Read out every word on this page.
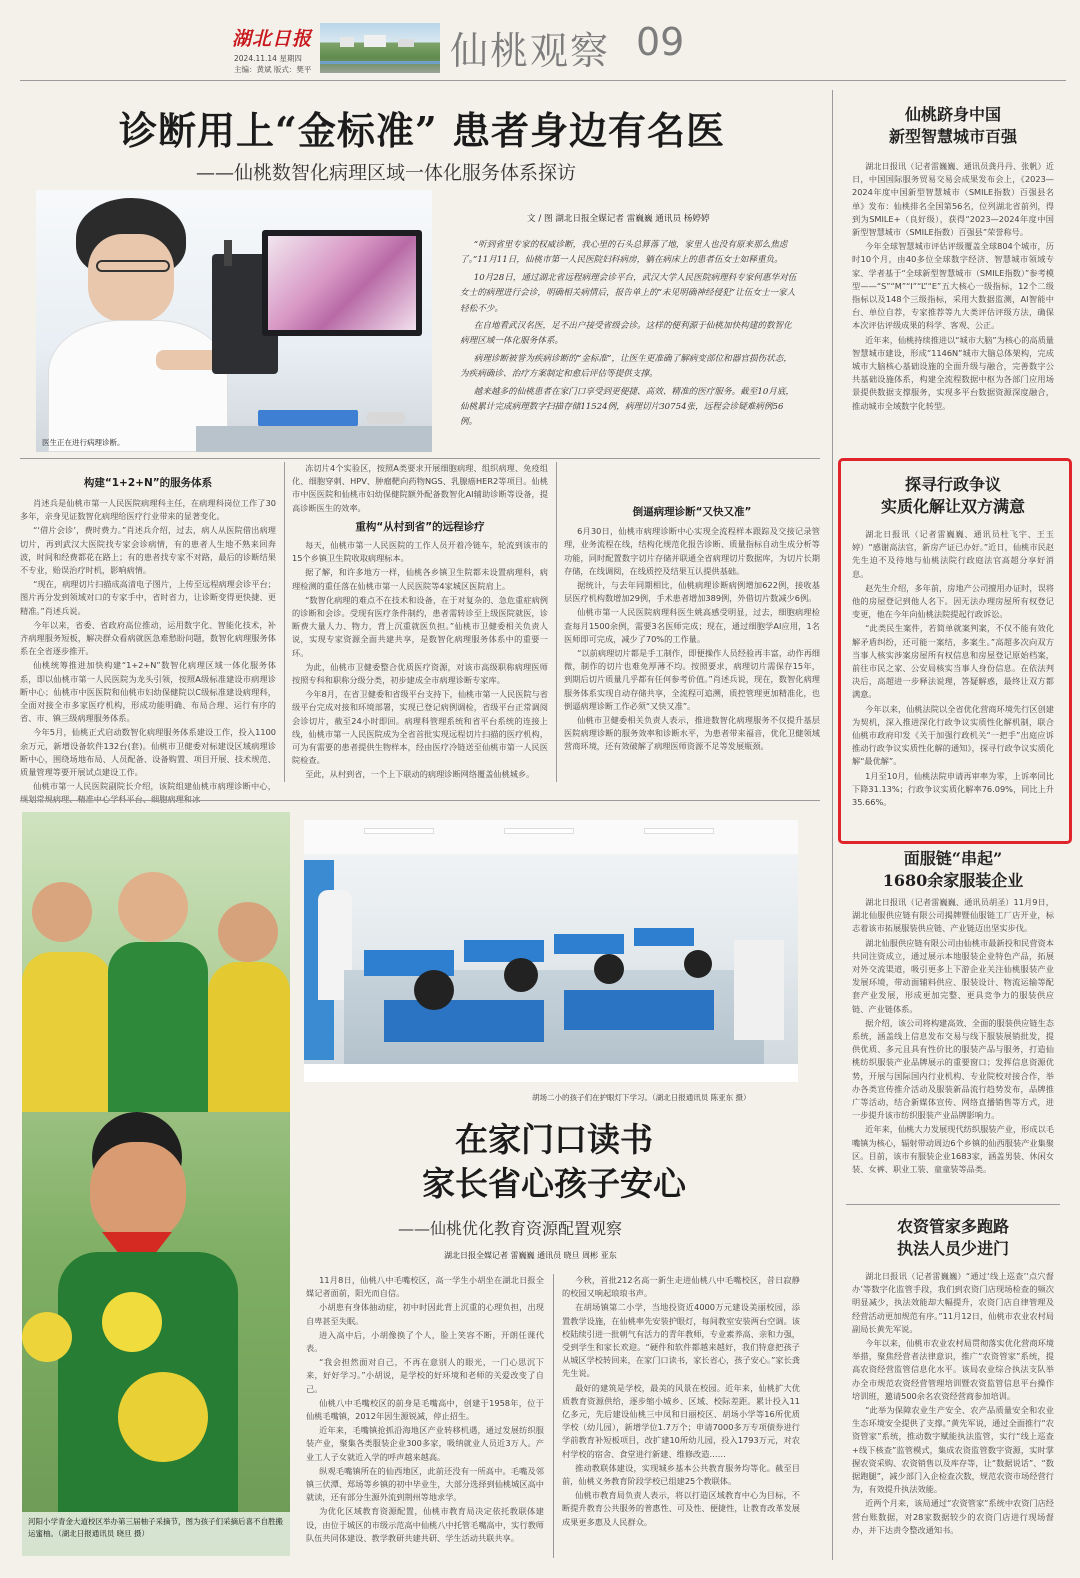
湖北日报
2024.11.14 星期四
主编：黄斌 版式：樊平	仙桃观察 09
诊断用上“金标准” 患者身边有名医
——仙桃数智化病理区域一体化服务体系探访
医生正在进行病理诊断。
文 / 图 湖北日报全媒记者 雷巍巍 通讯员 杨婷婷

“听到省里专家的权威诊断，我心里的石头总算落了地，家里人也没有原来那么焦虑了。”11月11日，仙桃市第一人民医院妇科病房，躺在病床上的患者伍女士如释重负。

10月28日，通过湖北省远程病理会诊平台，武汉大学人民医院病理科专家何惠华对伍女士的病理进行会诊，明确相关病情后，报告单上的“未见明确神经侵犯”让伍女士一家人轻松不少。

在自地看武汉名医，足不出户接受省级会诊。这样的便利源于仙桃加快构建的数智化病理区域一体化服务体系。

病理诊断被誉为疾病诊断的“金标准”，让医生更准确了解病变部位和器官损伤状态，为疾病确诊、治疗方案制定和愈后评估等提供支撑。

越来越多的仙桃患者在家门口享受到更便捷、高效、精准的医疗服务。截至10月底，仙桃累计完成病理数字扫描存储11524例，病理切片30754张，远程会诊疑难病例56例。

构建“1+2+N”的服务体系

肖述兵是仙桃市第一人民医院病理科主任，在病理科岗位工作了30多年，亲身见证数智化病理给医疗行业带来的显著变化。

“‘借片会诊’，费时费力。”肖述兵介绍，过去，病人从医院借出病理切片，再到武汉大医院找专家会诊病情，有的患者人生地不熟来回奔波，时间和经费都花在路上；有的患者找专家不对路，最后的诊断结果不专业，贻误治疗时机，影响病情。

“现在，病理切片扫描成高清电子图片，上传至远程病理会诊平台；图片再分发到领域对口的专家手中，省时省力，让诊断变得更快捷、更精准。”肖述兵说。

今年以来，省委、省政府高位推动，运用数字化、智能化技术，补齐病理服务短板，解决群众看病就医急难愁盼问题，数智化病理服务体系在全省逐步推开。

仙桃统筹推进加快构建“1+2+N”数智化病理区域一体化服务体系，即以仙桃市第一人民医院为龙头引领，按照A级标准建设市病理诊断中心；仙桃市中医医院和仙桃市妇幼保健院以C级标准建设病理科，全面对接全市多家医疗机构，形成功能明确、布局合理、运行有序的省、市、镇三级病理服务体系。

今年5月，仙桃正式启动数智化病理服务体系建设工作，投入1100余万元，新增设备软件132台(套)。仙桃市卫健委对标建设区域病理诊断中心，围绕场地布局、人员配备、设备购置、项目开展、技术规范、质量管理等要开展试点建设工作。

仙桃市第一人民医院副院长介绍，该院组建仙桃市病理诊断中心，

冻切片4个实验区，按照A类要求开展细胞病理、组织病理、免疫组化、细胞穿刺、HPV、肿瘤靶向药物NGS、乳腺癌HER2等项目。仙桃市中医医院和仙桃市妇幼保健院额外配备数智化AI辅助诊断等设备，提高诊断医生的效率。

重构“从村到省”的远程诊疗

每天，仙桃市第一人民医院的工作人员开着冷链车，轮流到该市的15个乡镇卫生院收取病理标本。

据了解，和许多地方一样，仙桃各乡镇卫生院都未设置病理科，病理检测的重任落在仙桃市第一人民医院等4家城区医院肩上。

“数智化病理的难点不在技术和设备，在于对复杂的、急危重症病例的诊断和会诊。受现有医疗条件制约，患者需转诊至上级医院就医，诊断费大量人力、物力，背上沉重就医负担。”仙桃市卫健委相关负责人说，实现专家资源全面共建共享，是数智化病理服务体系中的重要一环。

为此，仙桃市卫健委整合优质医疗资源，对该市高级职称病理医师按照专科和职称分级分类，初步建成全市病理诊断专家库。

今年8月，在省卫健委和省级平台支持下，仙桃市第一人民医院与省级平台完成对接和环境部署，实现已登记病例调检，省级平台正常调阅会诊切片，截至24小时即回。病理科管理系统和省平台系统的连接上线，仙桃市第一人民医院成为全省首批实现远程切片扫描的医疗机构，可为有需要的患者提供生物样本，经由医疗冷链送至仙桃市第一人民医院检查。

至此，从村到省，一个上下联动的病理诊断网络覆盖仙桃城乡。

倒逼病理诊断“又快又准”

6月30日，仙桃市病理诊断中心实现全流程样本跟踪及交接记录管理，业务流程在线，结构化规范化报告诊断、质量指标自动生成分析等功能，同时配置数字切片存储并联通全省病理切片数据库，为切片长期存储，在线调阅，在线质控及结果互认提供基础。

据统计，与去年同期相比，仙桃病理诊断病例增加622例，接收基层医疗机构数增加29例，手术患者增加389例，外借切片数减少6例。

仙桃市第一人民医院病理科医生姚高感受明显，过去，细胞病理检查每月1500余例，需要3名医师完成；现在，通过细胞学AI应用，1名医师即可完成，减少了70%的工作量。

“以前病理切片都是手工制作，即便操作人员经验再丰富，动作再细微，制作的切片也难免厚薄不均。按照要求，病理切片需保存15年，到期后切片质量几乎都有任何参考价值。”肖述兵说，现在，数智化病理服务体系实现自动存储共享，全流程可追溯，质控管理更加精准化，也倒逼病理诊断工作必须“又快又准”。

仙桃市卫健委相关负责人表示，推进数智化病理服务不仅提升基层医院病理诊断的服务效率和诊断水平，为患者带来福音，优化卫健领域营商环境，还有效破解了病理医师资源不足等发展瓶颈。

仙桃跻身中国
新型智慧城市百强

湖北日报讯（记者雷巍巍、通讯员龚丹丹、张帆）近日，中国国际服务贸易交易会成果发布会上，《2023—2024年度中国新型智慧城市（SMILE指数）百强县名单》发布：仙桃排名全国第56名，位列湖北省前列，得到为SMILE+（良好级），获得“2023—2024年度中国新型智慧城市（SMILE指数）百强县”荣誉称号。

今年全球智慧城市评估评级覆盖全球804个城市，历时10个月，由40多位全球数字经济、智慧城市领域专家、学者基于“全球新型智慧城市（SMILE指数）”参考模型——“S”“M”“I”“L”“E”五大核心一级指标，12个二级指标以及148个三级指标，采用大数据监测，AI智能中台、单位自荐，专家推荐等九大类评估评级方法，确保本次评估评级成果的科学、客观、公正。

近年来，仙桃持续推进以“城市大脑”为核心的高质量智慧城市建设，形成“1146N”城市大脑总体架构，完成城市大脑核心基础设施的全面升级与融合，完善数字公共基础设施体系，构建全流程数据中枢为各部门应用场景提供数据支撑服务，实现多平台数据资源深度融合，推动城市全域数字化转型。

探寻行政争议
实质化解让双方满意

湖北日报讯（记者雷巍巍、通讯员杜飞宇、王玉婷）“感谢高法官，新房产证已办好。”近日，仙桃市民赵先生迫不及待地与仙桃法院行政庭法官高超分享好消息。

赵先生介绍，多年前，房地产公司擅用办证时，误将他的房屋登记到他人名下。因无法办理房屋所有权登记变更，他在今年向仙桃法院提起行政诉讼。

“此类民生案件，若简单就案判案，不仅不能有效化解矛盾纠纷，还可能一案结，多案生。”高超多次向双方当事人核实涉案房屋所有权信息和房屋登记原始档案，前往市民之家、公安局核实当事人身份信息。在依法判决后，高超进一步释法说理，答疑解惑，最终让双方都满意。

今年以来，仙桃法院以全省优化营商环境先行区创建为契机，深入推进深化行政争议实质性化解机制，联合仙桃市政府印发《关于加强行政机关“一把手”出庭应诉 推动行政争议实质性化解的通知》，探寻行政争议实质化解“最优解”。

1月至10月，仙桃法院申请再审率为零，上诉率同比下降31.13%；行政争议实质化解率76.09%，同比上升35.66%。

面服链“串起”
1680余家服装企业

湖北日报讯（记者雷巍巍、通讯员胡圣）11月9日，湖北仙服供应链有限公司揭牌暨仙服链工厂店开业，标志着该市拓展服装供应链、产业链迈出坚实步伐。

湖北仙服供应链有限公司由仙桃市最新投和民营资本共同注资成立，通过展示本地服装企业特色产品，拓展对外交流渠道，吸引更多上下游企业关注仙桃服装产业发展环境，带动面辅料供应、服装设计、物流运输等配套产业发展，形成更加完整、更具竞争力的服装供应链、产业链体系。

据介绍，该公司将构建高效、全面的服装供应链生态系统，涵盖线上信息发布交易与线下服装展销批发，提供优质、多元且具有性价比的服装产品与服务，打造仙桃纺织服装产业品牌展示的重要窗口；发挥信息资源优势，开展与国际国内行业机构、专业院校对接合作，举办各类宣传推介活动及服装新品流行趋势发布，品牌推广等活动，结合新媒体宣传、网络直播销售等方式，进一步提升该市纺织服装产业品牌影响力。

近年来，仙桃大力发展现代纺织服装产业，形成以毛嘴镇为核心，辐射带动周边6个乡镇的仙西服装产业集聚区。目前，该市有服装企业1683家，涵盖男装、休闲女装、女裤、职业工装、童童装等品类。

农资管家多跑路
执法人员少进门

湖北日报讯（记者雷巍巍）“通过‘线上巡查’‘点穴督办’等数字化监管手段，我们到农资门店现场检查的频次明显减少，执法效能却大幅提升，农资门店自律管理及经营活动更加规范有序。”11月12日，仙桃市农业农村局副局长黄先军说。

今年以来，仙桃市农业农村局贯彻落实优化营商环境举措，聚焦经营者法律意识，推广“农资管家”系统，提高农资经营监管信息化水平。该局农业综合执法支队举办全市规范农资经营管理培训暨农资监管信息平台操作培训班，邀请500余名农资经营商参加培训。

“此举为保障农业生产安全、农产品质量安全和农业生态环境安全提供了支撑。”黄先军说，通过全面推行“农资管家”系统，推动数字赋能执法监管，实行“线上巡查+线下核查”监管模式，集成农资监管数字资源，实时掌握农资采购、农资销售以及库存等，让“数据说话”、“数据跑腿”，减少部门入企检查次数，规范农资市场经营行为，有效提升执法效能。

近两个月来，该局通过“农资管家”系统中农资门店经营台账数据，对28家数据较少的农资门店进行现场督办，并下达责令整改通知书。

河阳小学青金大道校区举办第三届柚子采摘节，图为孩子们采摘后喜不自胜搬运蜜柚。（湖北日报通讯员 晓旦 摄）
胡场二小的孩子们在护眼灯下学习。（湖北日报通讯员 陈亚东 摄）
在家门口读书
家长省心孩子安心
——仙桃优化教育资源配置观察
湖北日报全媒记者 雷巍巍 通讯员 晓旦 周彬 亚东

11月8日，仙桃八中毛嘴校区，高一学生小胡坐在湖北日报全媒记者面前，阳光而自信。

小胡患有身体抽动症，初中时因此背上沉重的心理负担，出现自卑甚至失眠。

进入高中后，小胡像换了个人，脸上笑容不断，开朗任课代表。

“我会担然面对自己，不再在意别人的眼光，一门心思沉下来，好好学习。”小胡说，是学校的好环境和老师的关爱改变了自己。

仙桃八中毛嘴校区的前身是毛嘴高中，创建于1958年，位于仙桃毛嘴镇，2012年因生源锐减，停止招生。

近年来，毛嘴镇抢抓沿海地区产业转移机遇，通过发展纺织服装产业，聚集各类服装企业300多家，吸纳就业人员近3万人。产业工人子女就近入学的呼声越来越高。

纵观毛嘴镇所在的仙西地区，此前还没有一所高中。毛嘴及邻镇三伏潭、郑场等乡镇的初中毕业生，大部分选择到仙桃城区高中就读，还有部分生源外流到荆州等地求学。

为优化区域教育资源配置，仙桃市教育局决定依托教联体建设，由位于城区的市级示范高中仙桃八中托管毛嘴高中，实行教师队伍共同体建设、教学教研共建共研、学生活动共联共享。

今秋，首批212名高一新生走进仙桃八中毛嘴校区，昔日寂静的校园又响起琅琅书声。

在胡场镇第二小学，当地投资近4000万元建设美丽校园，添置教学设施，在仙桃率先安装护眼灯，每间教室安装两台空调。该校陆续引进一批朝气有活力的青年教师，专业素养高、亲和力强，受到学生和家长欢迎。“硬件和软件都越来越好，我们特意把孩子从城区学校转回来，在家门口读书，家长省心，孩子安心。”家长龚先生说。

最好的建筑是学校，最美的风景在校园。近年来，仙桃扩大优质教育资源供给，逐步缩小城乡、区域、校际差距。累计投入11亿多元，先后建设仙桃三中凤和日丽校区、胡场小学等16所优质学校（幼儿园），新增学位1.7万个；申请7000多万专项债券进行学前教育补短板项目，改扩建10所幼儿园，投入1793万元，对农村学校的宿舍、食堂进行新建、维修改造……

推动教联体建设，实现城乡基本公共教育服务均等化。截至目前，仙桃义务教育阶段学校已组建25个教联体。

仙桃市教育局负责人表示，将以打造区域教育中心为目标，不断提升教育公共服务的普惠性、可及性、便捷性，让教育改革发展成果更多惠及人民群众。
